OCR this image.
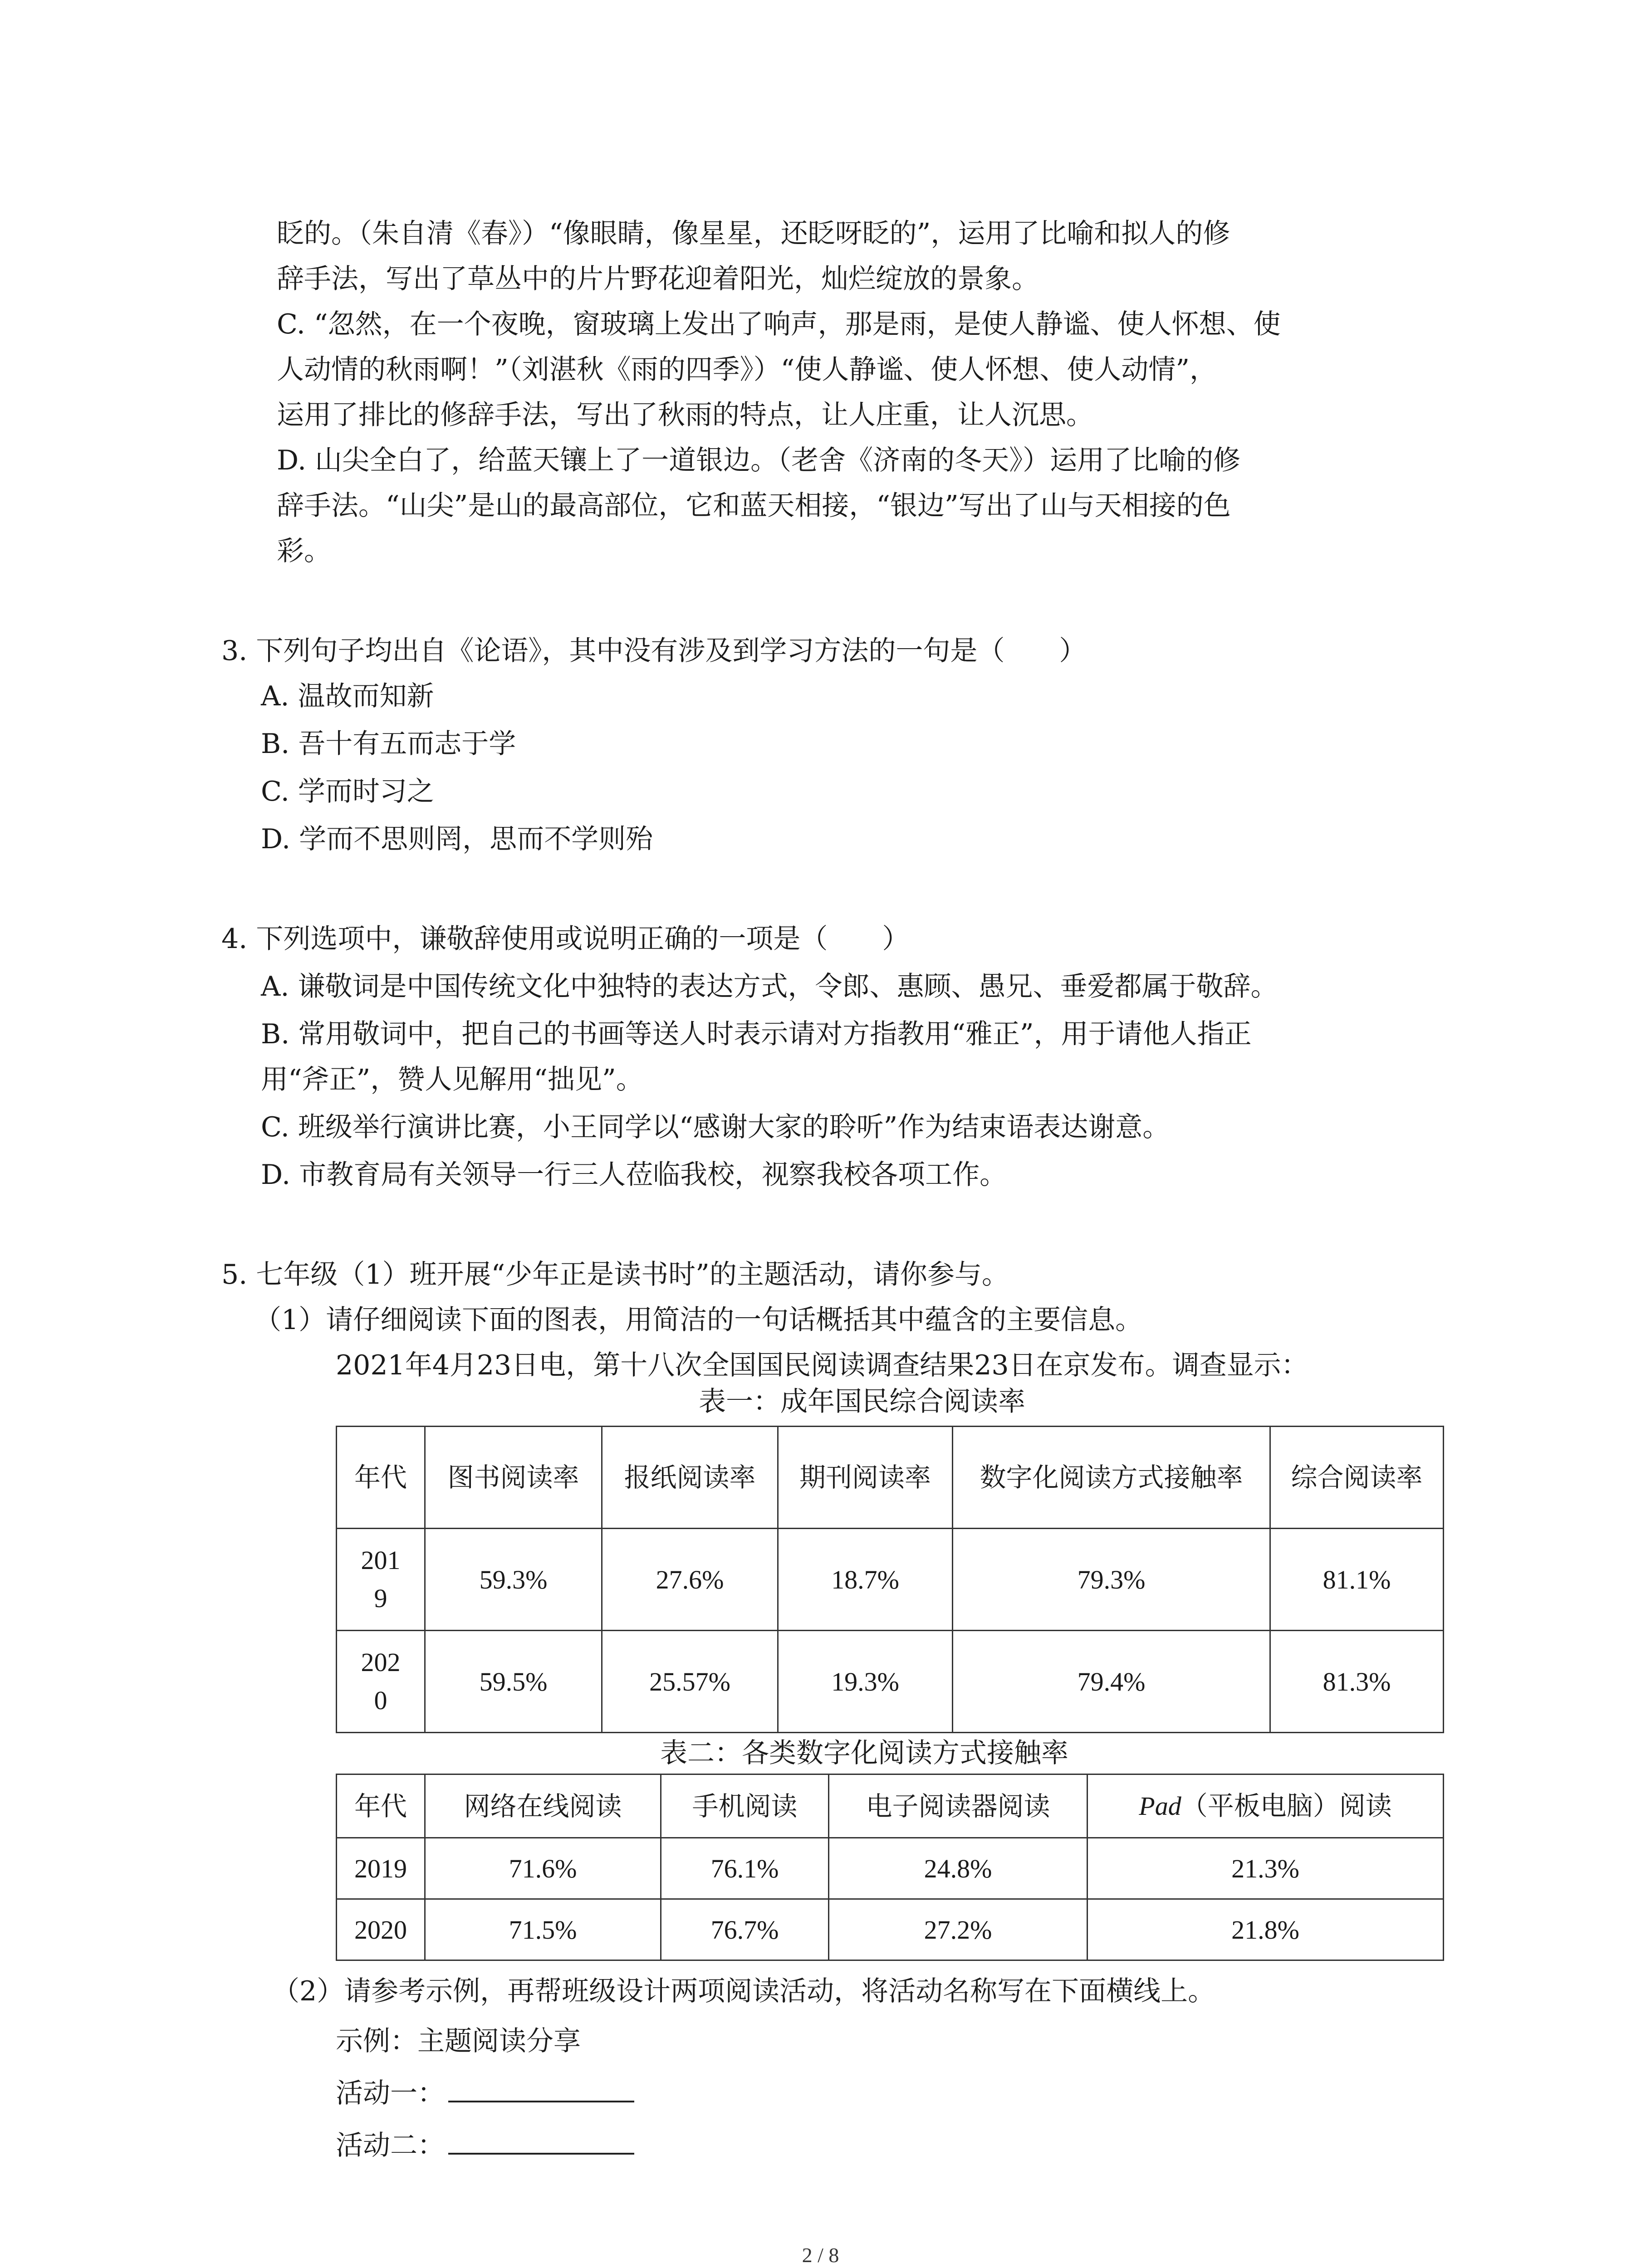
眨的。（朱自清《春》）“像眼睛，像星星，还眨呀眨的”，运用了比喻和拟人的修
辞手法，写出了草丛中的片片野花迎着阳光，灿烂绽放的景象。
C. “忽然，在一个夜晚，窗玻璃上发出了响声，那是雨，是使人静谧、使人怀想、使
人动情的秋雨啊！”（刘湛秋《雨的四季》）“使人静谧、使人怀想、使人动情”，
运用了排比的修辞手法，写出了秋雨的特点，让人庄重，让人沉思。
D. 山尖全白了，给蓝天镶上了一道银边。（老舍《济南的冬天》）运用了比喻的修
辞手法。“山尖”是山的最高部位，它和蓝天相接，“银边”写出了山与天相接的色
彩。
3. 下列句子均出自《论语》，其中没有涉及到学习方法的一句是（　　）
A. 温故而知新
B. 吾十有五而志于学
C. 学而时习之
D. 学而不思则罔，思而不学则殆
4. 下列选项中，谦敬辞使用或说明正确的一项是（　　）
A. 谦敬词是中国传统文化中独特的表达方式，令郎、惠顾、愚兄、垂爱都属于敬辞。
B. 常用敬词中，把自己的书画等送人时表示请对方指教用“雅正”，用于请他人指正
用“斧正”，赞人见解用“拙见”。
C. 班级举行演讲比赛，小王同学以“感谢大家的聆听”作为结束语表达谢意。
D. 市教育局有关领导一行三人莅临我校，视察我校各项工作。
5. 七年级（1）班开展“少年正是读书时”的主题活动，请你参与。
（1）请仔细阅读下面的图表，用简洁的一句话概括其中蕴含的主要信息。
2021年4月23日电，第十八次全国国民阅读调查结果23日在京发布。调查显示：
表一：成年国民综合阅读率
年代	图书阅读率	报纸阅读率	期刊阅读率	数字化阅读方式接触率	综合阅读率
2019	59.3%	27.6%	18.7%	79.3%	81.1%
2020	59.5%	25.57%	19.3%	79.4%	81.3%
表二：各类数字化阅读方式接触率
年代	网络在线阅读	手机阅读	电子阅读器阅读	Pad（平板电脑）阅读
2019	71.6%	76.1%	24.8%	21.3%
2020	71.5%	76.7%	27.2%	21.8%
（2）请参考示例，再帮班级设计两项阅读活动，将活动名称写在下面横线上。
示例：主题阅读分享
活动一：
活动二：
2 / 8
